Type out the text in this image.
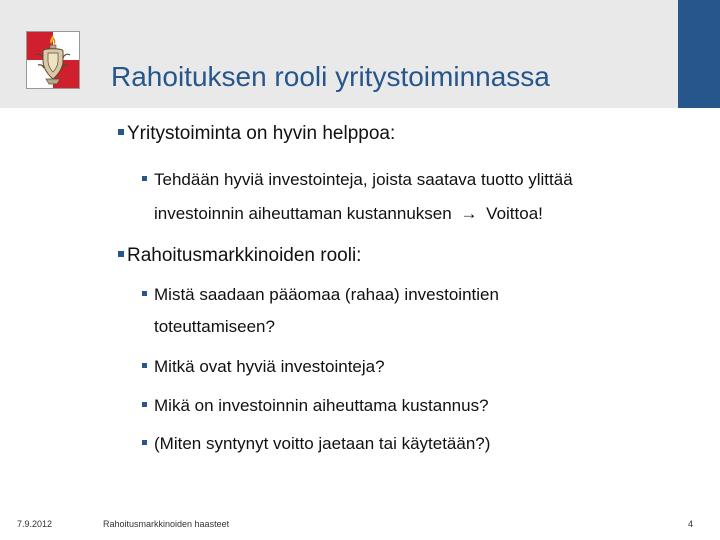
Rahoituksen rooli yritystoiminnassa
Yritystoiminta on hyvin helppoa:
Tehdään hyviä investointeja, joista saatava tuotto ylittää
investoinnin aiheuttaman kustannuksen → Voittoa!
Rahoitusmarkkinoiden rooli:
Mistä saadaan pääomaa (rahaa) investointien
toteuttamiseen?
Mitkä ovat hyviä investointeja?
Mikä on investoinnin aiheuttama kustannus?
(Miten syntynyt voitto jaetaan tai käytetään?)
7.9.2012	Rahoitusmarkkinoiden haasteet	4
